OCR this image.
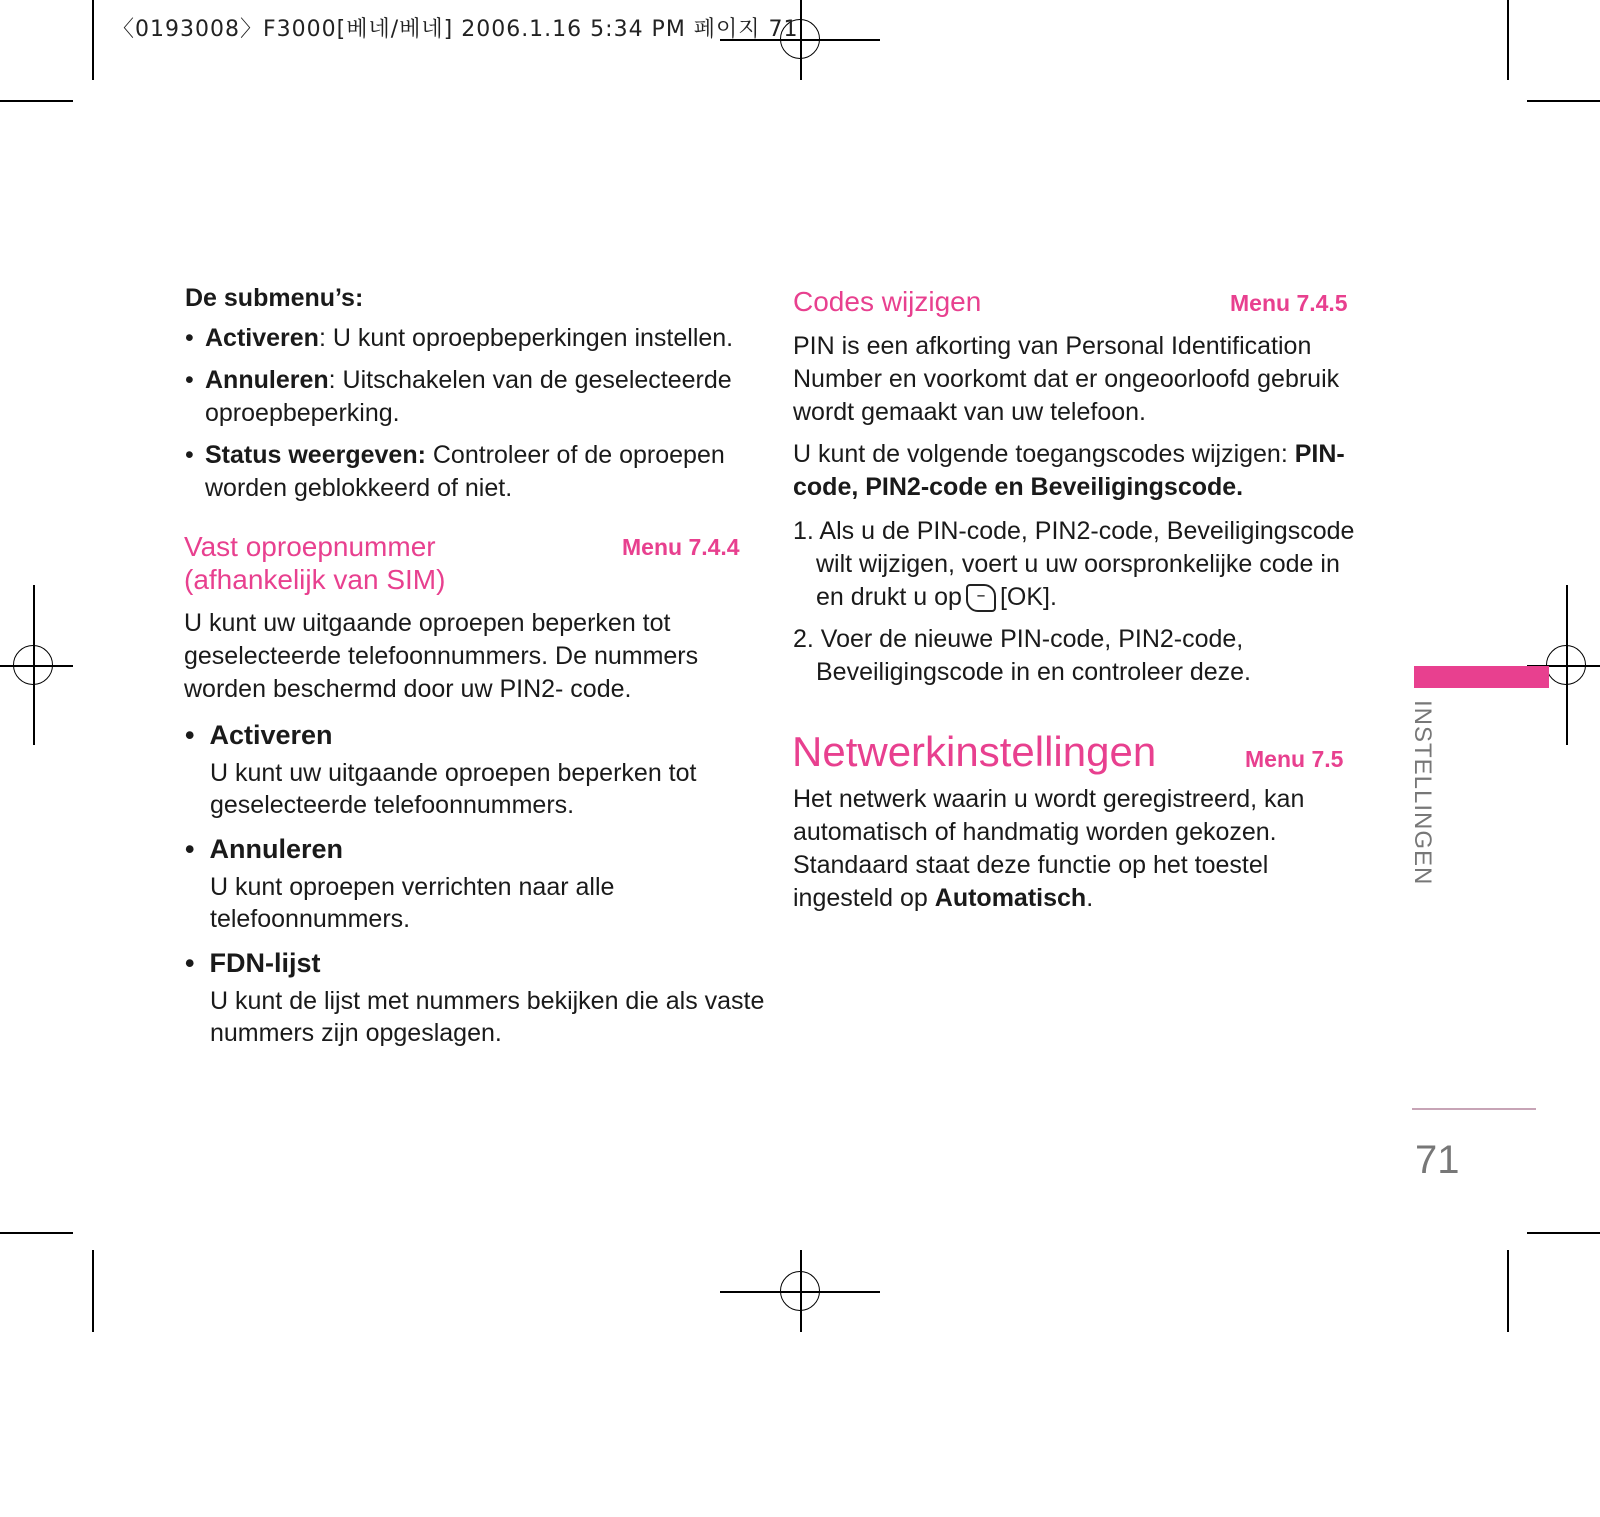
〈0193008〉F3000[베네/베네] 2006.1.16 5:34 PM 페이지 71
De submenu’s:
• Activeren: U kunt oproepbeperkingen instellen.
• Annuleren: Uitschakelen van de geselecteerde
oproepbeperking.
• Status weergeven: Controleer of de oproepen
worden geblokkeerd of niet.
Vast oproepnummer
(afhankelijk van SIM)
Menu 7.4.4

U kunt uw uitgaande oproepen beperken tot

geselecteerde telefoonnummers. De nummers

worden beschermd door uw PIN2- code.

•  Activeren
U kunt uw uitgaande oproepen beperken tot
geselecteerde telefoonnummers.
•  Annuleren
U kunt oproepen verrichten naar alle
telefoonnummers.
•  FDN-lijst
U kunt de lijst met nummers bekijken die als vaste
nummers zijn opgeslagen.
Codes wijzigen	Menu 7.4.5

PIN is een afkorting van Personal Identification

Number en voorkomt dat er ongeoorloofd gebruik

wordt gemaakt van uw telefoon.

U kunt de volgende toegangscodes wijzigen: PIN-

code, PIN2-code en Beveiligingscode.

1. Als u de PIN-code, PIN2-code, Beveiligingscode

wilt wijzigen, voert u uw oorspronkelijke code in

en drukt u op – [OK].

2. Voer de nieuwe PIN-code, PIN2-code,

Beveiligingscode in en controleer deze.

Netwerkinstellingen	Menu 7.5

Het netwerk waarin u wordt geregistreerd, kan

automatisch of handmatig worden gekozen.

Standaard staat deze functie op het toestel

ingesteld op Automatisch.

INSTELLINGEN
71
